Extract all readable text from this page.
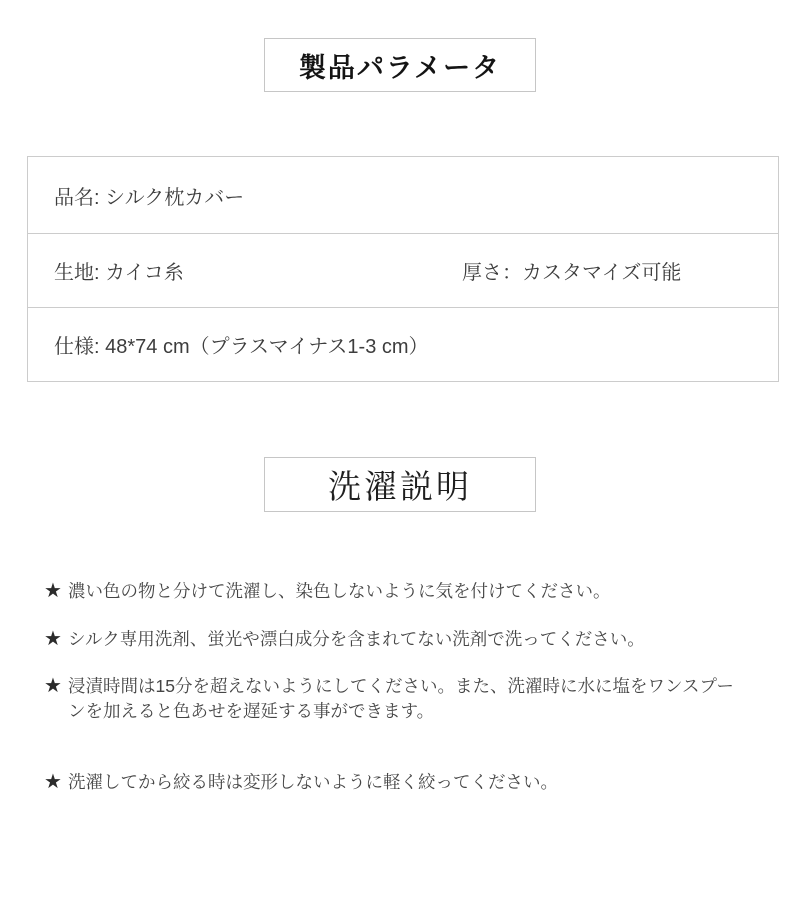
製品パラメータ
品名: シルク枕カバー
生地: カイコ糸	厚さ：カスタマイズ可能
仕様: 48*74 cm（プラスマイナス1-3 cm）
洗濯説明
★ 濃い色の物と分けて洗濯し、染色しないように気を付けてください。
★ シルク専用洗剤、蛍光や漂白成分を含まれてない洗剤で洗ってください。
★ 浸漬時間は15分を超えないようにしてください。また、洗濯時に水に塩をワンスプーンを加えると色あせを遅延する事ができます。
★ 洗濯してから絞る時は変形しないように軽く絞ってください。
